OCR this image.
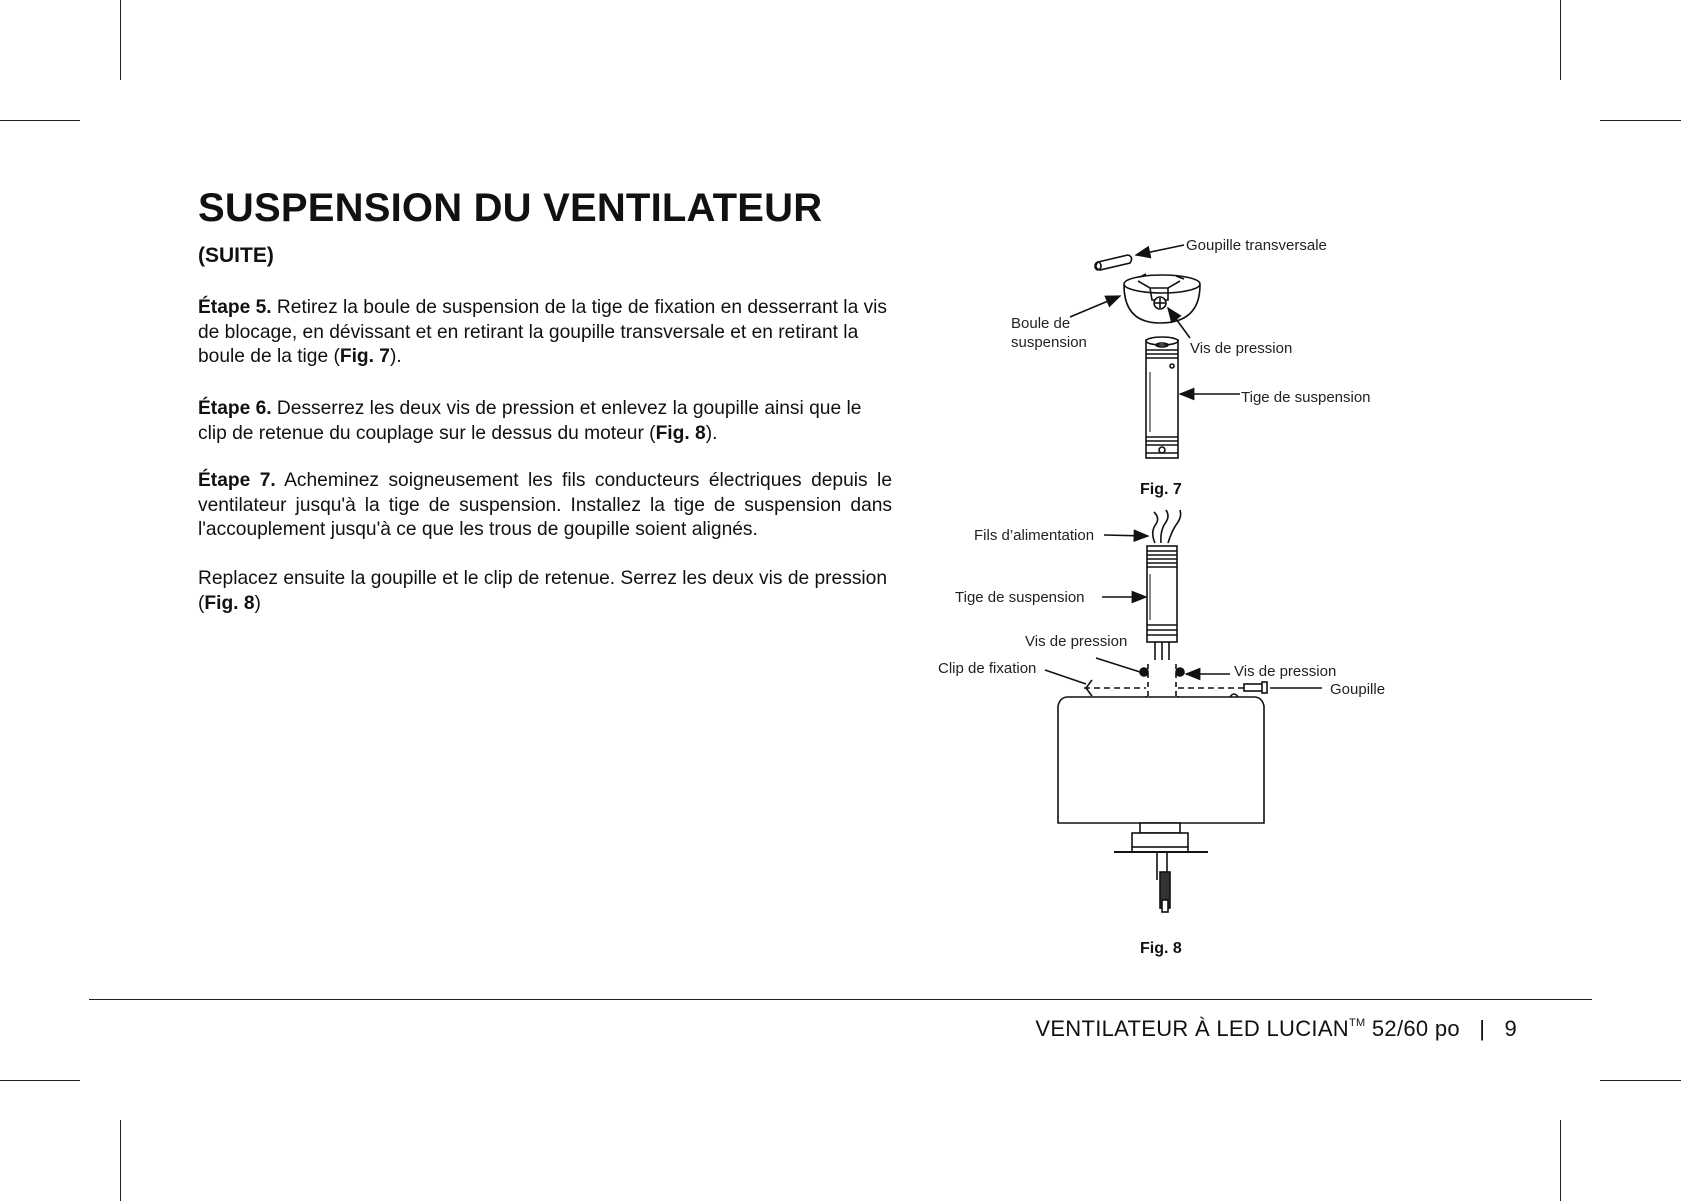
SUSPENSION DU VENTILATEUR

(SUITE)

Étape 5. Retirez la boule de suspension de la tige de fixation en desserrant la vis de blocage, en dévissant et en retirant la goupille transversale et en retirant la boule de la tige (Fig. 7).

Étape 6. Desserrez les deux vis de pression et enlevez la goupille ainsi que le clip de retenue du couplage sur le dessus du moteur (Fig. 8).

Étape 7. Acheminez soigneusement les fils conducteurs électriques depuis le ventilateur jusqu'à la tige de suspension. Installez la tige de suspension dans l'accouplement jusqu'à ce que les trous de goupille soient alignés.

Replacez ensuite la goupille et le clip de retenue. Serrez les deux vis de pression (Fig. 8)

Goupille transversale
Boule de
suspension	Vis de pression
Tige de suspension
Fils d’alimentation
Tige de suspension
Vis de pression
Clip de fixation	Vis de pression
Goupille
Fig. 7
Fig. 8
VENTILATEUR À LED LUCIAN™ 52/60 po | 9
